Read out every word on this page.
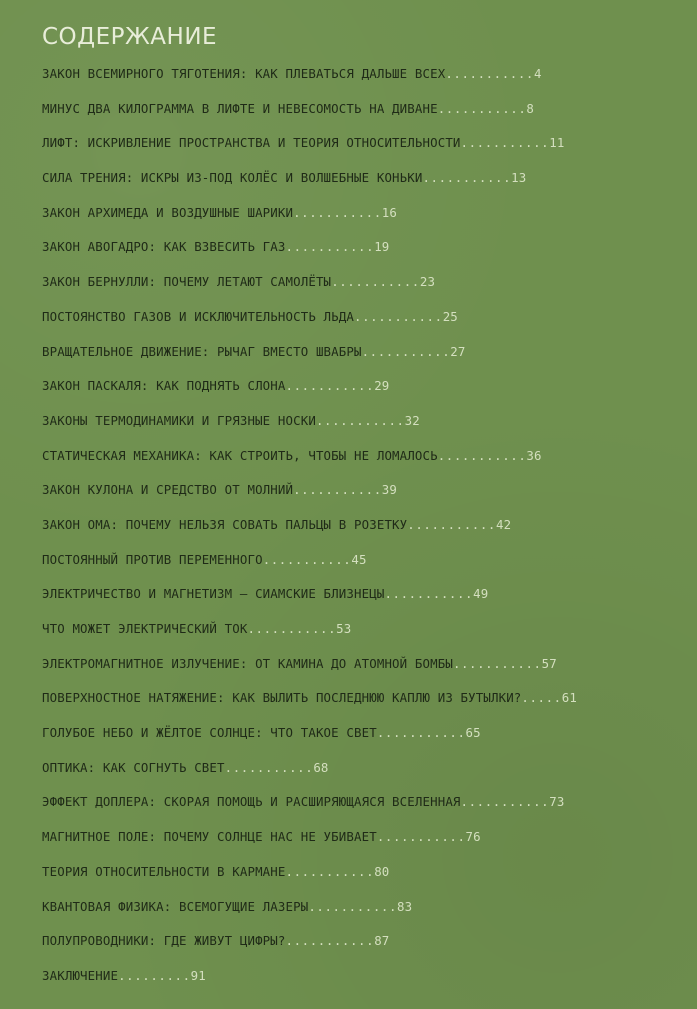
СОДЕРЖАНИЕ
ЗАКОН ВСЕМИРНОГО ТЯГОТЕНИЯ: КАК ПЛЕВАТЬСЯ ДАЛЬШЕ ВСЕХ...........4
МИНУС ДВА КИЛОГРАММА В ЛИФТЕ И НЕВЕСОМОСТЬ НА ДИВАНЕ...........8
ЛИФТ: ИСКРИВЛЕНИЕ ПРОСТРАНСТВА И ТЕОРИЯ ОТНОСИТЕЛЬНОСТИ...........11
СИЛА ТРЕНИЯ: ИСКРЫ ИЗ-ПОД КОЛЁС И ВОЛШЕБНЫЕ КОНЬКИ...........13
ЗАКОН АРХИМЕДА И ВОЗДУШНЫЕ ШАРИКИ...........16
ЗАКОН АВОГАДРО: КАК ВЗВЕСИТЬ ГАЗ...........19
ЗАКОН БЕРНУЛЛИ: ПОЧЕМУ ЛЕТАЮТ САМОЛЁТЫ...........23
ПОСТОЯНСТВО ГАЗОВ И ИСКЛЮЧИТЕЛЬНОСТЬ ЛЬДА...........25
ВРАЩАТЕЛЬНОЕ ДВИЖЕНИЕ: РЫЧАГ ВМЕСТО ШВАБРЫ...........27
ЗАКОН ПАСКАЛЯ: КАК ПОДНЯТЬ СЛОНА...........29
ЗАКОНЫ ТЕРМОДИНАМИКИ И ГРЯЗНЫЕ НОСКИ...........32
СТАТИЧЕСКАЯ МЕХАНИКА: КАК СТРОИТЬ, ЧТОБЫ НЕ ЛОМАЛОСЬ...........36
ЗАКОН КУЛОНА И СРЕДСТВО ОТ МОЛНИЙ...........39
ЗАКОН ОМА: ПОЧЕМУ НЕЛЬЗЯ СОВАТЬ ПАЛЬЦЫ В РОЗЕТКУ...........42
ПОСТОЯННЫЙ ПРОТИВ ПЕРЕМЕННОГО...........45
ЭЛЕКТРИЧЕСТВО И МАГНЕТИЗМ – СИАМСКИЕ БЛИЗНЕЦЫ...........49
ЧТО МОЖЕТ ЭЛЕКТРИЧЕСКИЙ ТОК...........53
ЭЛЕКТРОМАГНИТНОЕ ИЗЛУЧЕНИЕ: ОТ КАМИНА ДО АТОМНОЙ БОМБЫ...........57
ПОВЕРХНОСТНОЕ НАТЯЖЕНИЕ: КАК ВЫЛИТЬ ПОСЛЕДНЮЮ КАПЛЮ ИЗ БУТЫЛКИ?.....61
ГОЛУБОЕ НЕБО И ЖЁЛТОЕ СОЛНЦЕ: ЧТО ТАКОЕ СВЕТ...........65
ОПТИКА: КАК СОГНУТЬ СВЕТ...........68
ЭФФЕКТ ДОПЛЕРА: СКОРАЯ ПОМОЩЬ И РАСШИРЯЮЩАЯСЯ ВСЕЛЕННАЯ...........73
МАГНИТНОЕ ПОЛЕ: ПОЧЕМУ СОЛНЦЕ НАС НЕ УБИВАЕТ...........76
ТЕОРИЯ ОТНОСИТЕЛЬНОСТИ В КАРМАНЕ...........80
КВАНТОВАЯ ФИЗИКА: ВСЕМОГУЩИЕ ЛАЗЕРЫ...........83
ПОЛУПРОВОДНИКИ: ГДЕ ЖИВУТ ЦИФРЫ?...........87
ЗАКЛЮЧЕНИЕ.........91
